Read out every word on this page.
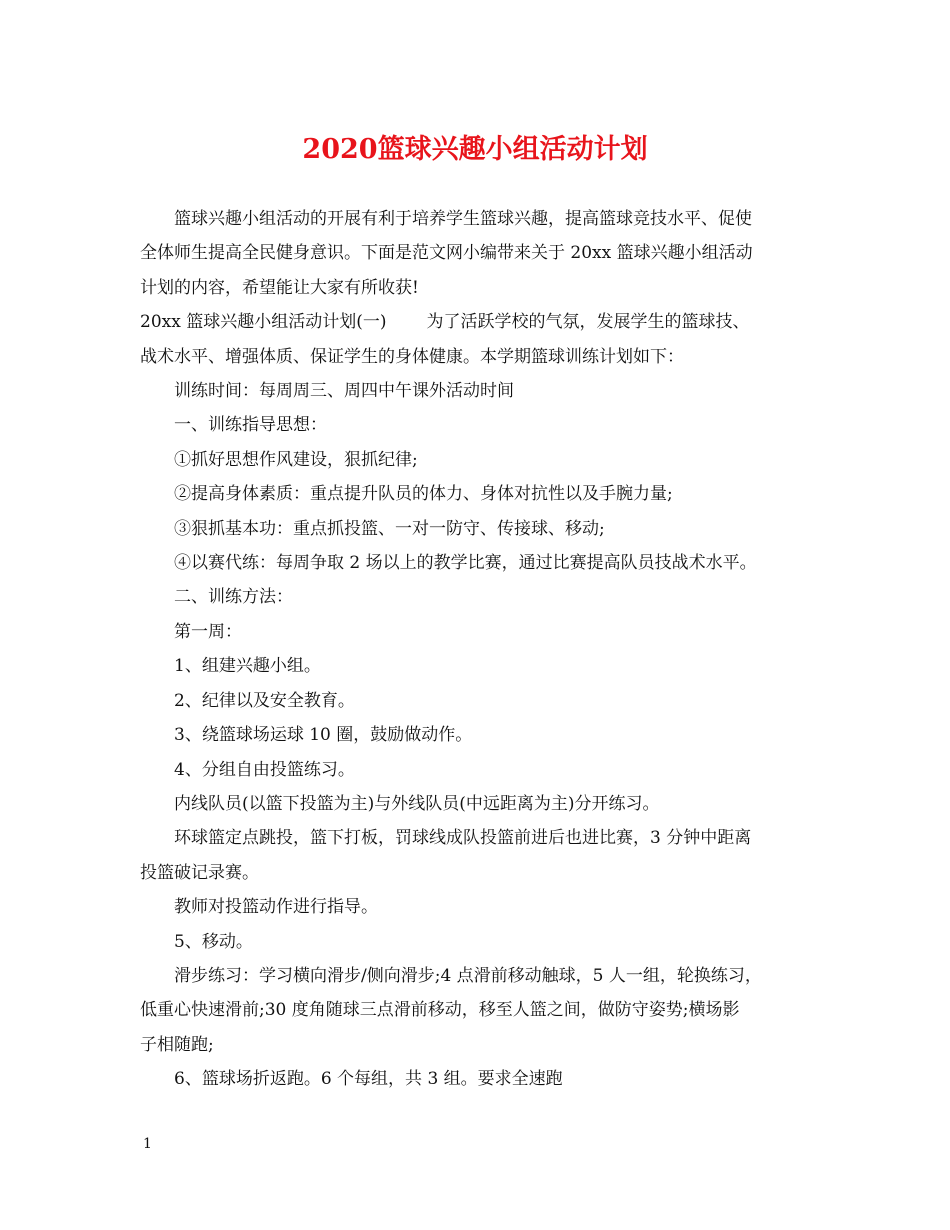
2020篮球兴趣小组活动计划

篮球兴趣小组活动的开展有利于培养学生篮球兴趣，提高篮球竞技水平、促使

全体师生提高全民健身意识。下面是范文网小编带来关于 20xx 篮球兴趣小组活动

计划的内容，希望能让大家有所收获!

20xx 篮球兴趣小组活动计划(一) 为了活跃学校的气氛，发展学生的篮球技、

战术水平、增强体质、保证学生的身体健康。本学期篮球训练计划如下：

训练时间：每周周三、周四中午课外活动时间

一、训练指导思想：

①抓好思想作风建设，狠抓纪律;

②提高身体素质：重点提升队员的体力、身体对抗性以及手腕力量;

③狠抓基本功：重点抓投篮、一对一防守、传接球、移动;

④以赛代练：每周争取 2 场以上的教学比赛，通过比赛提高队员技战术水平。

二、训练方法：

第一周：

1、组建兴趣小组。

2、纪律以及安全教育。

3、绕篮球场运球 10 圈，鼓励做动作。

4、分组自由投篮练习。

内线队员(以篮下投篮为主)与外线队员(中远距离为主)分开练习。

环球篮定点跳投，篮下打板，罚球线成队投篮前进后也进比赛，3 分钟中距离

投篮破记录赛。

教师对投篮动作进行指导。

5、移动。

滑步练习：学习横向滑步/侧向滑步;4 点滑前移动触球，5 人一组，轮换练习，

低重心快速滑前;30 度角随球三点滑前移动，移至人篮之间，做防守姿势;横场影

子相随跑;

6、篮球场折返跑。6 个每组，共 3 组。要求全速跑

1
